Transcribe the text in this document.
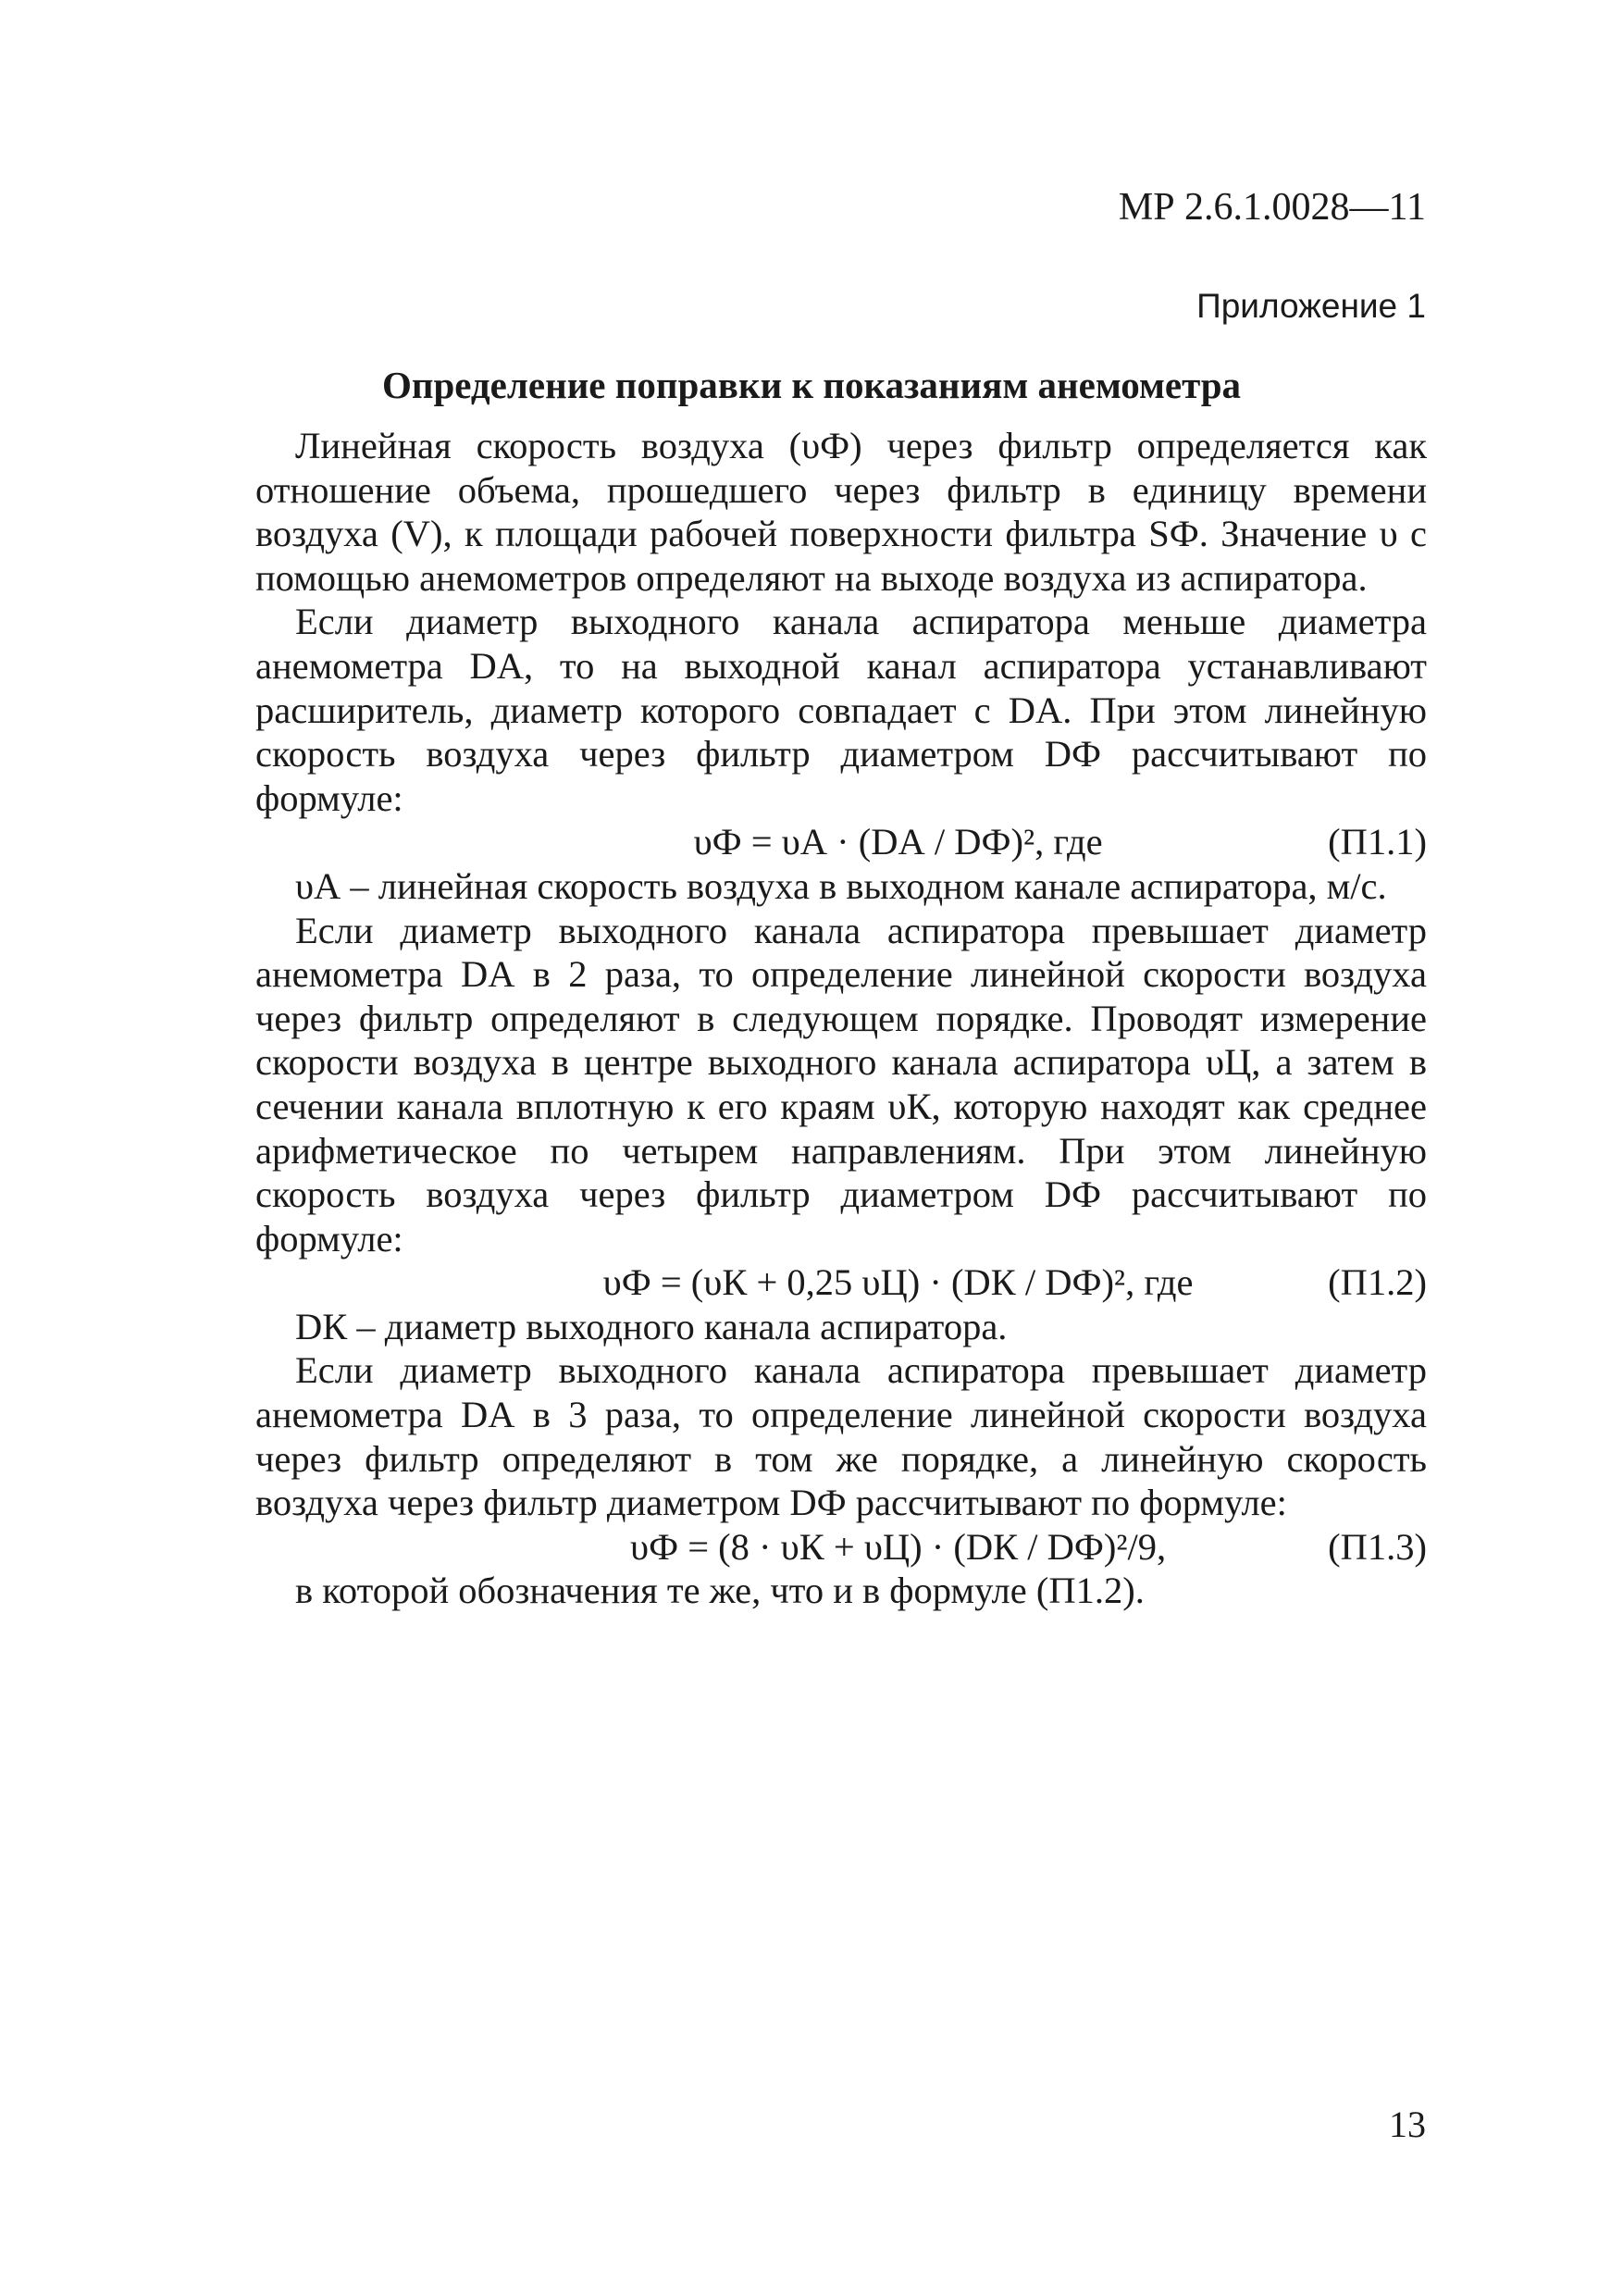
МР 2.6.1.0028—11
Приложение 1
Определение поправки к показаниям анемометра

Линейная скорость воздуха (υФ) через фильтр определяется как отношение объема, прошедшего через фильтр в единицу времени воздуха (V), к площади рабочей поверхности фильтра SФ. Значение υ с помощью анемометров определяют на выходе воздуха из аспиратора.

Если диаметр выходного канала аспиратора меньше диаметра анемометра DА, то на выходной канал аспиратора устанавливают расширитель, диаметр которого совпадает с DА. При этом линейную скорость воздуха через фильтр диаметром DФ рассчитывают по формуле:

υФ = υА · (DА / DФ)², где	(П1.1)

υА – линейная скорость воздуха в выходном канале аспиратора, м/с.

Если диаметр выходного канала аспиратора превышает диаметр анемометра DА в 2 раза, то определение линейной скорости воздуха через фильтр определяют в следующем порядке. Проводят измерение скорости воздуха в центре выходного канала аспиратора υЦ, а затем в сечении канала вплотную к его краям υК, которую находят как среднее арифметическое по четырем направлениям. При этом линейную скорость воздуха через фильтр диаметром DФ рассчитывают по формуле:

υФ = (υК + 0,25 υЦ) · (DК / DФ)², где	(П1.2)

DК – диаметр выходного канала аспиратора.

Если диаметр выходного канала аспиратора превышает диаметр анемометра DА в 3 раза, то определение линейной скорости воздуха через фильтр определяют в том же порядке, а линейную скорость воздуха через фильтр диаметром DФ рассчитывают по формуле:

υФ = (8 · υК + υЦ) · (DК / DФ)²/9,	(П1.3)

в которой обозначения те же, что и в формуле (П1.2).

13
